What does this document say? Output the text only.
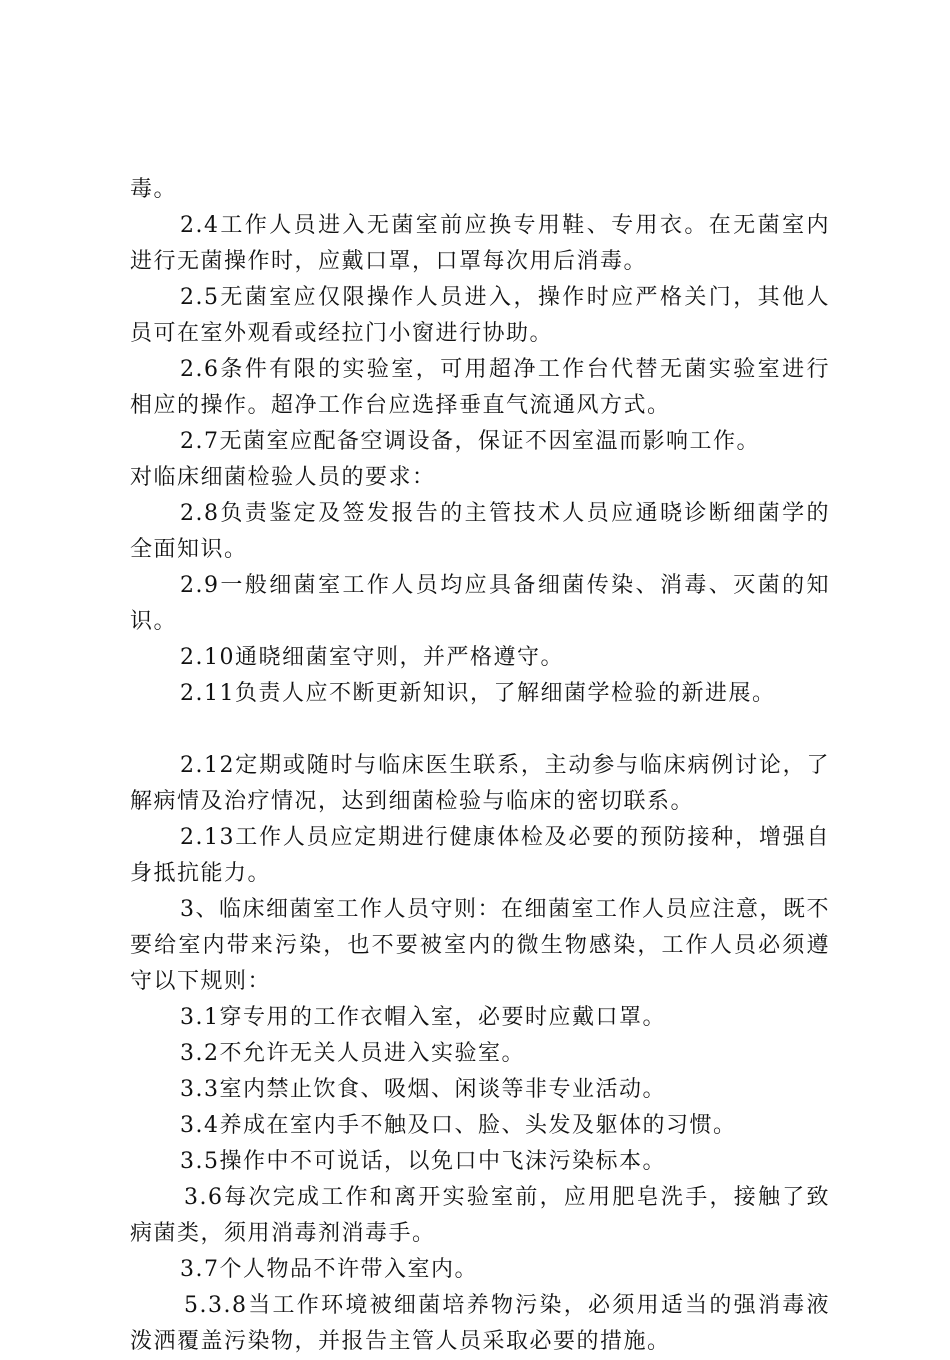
毒。

2.4工作人员进入无菌室前应换专用鞋、专用衣。在无菌室内进行无菌操作时，应戴口罩，口罩每次用后消毒。

2.5无菌室应仅限操作人员进入，操作时应严格关门，其他人员可在室外观看或经拉门小窗进行协助。

2.6条件有限的实验室，可用超净工作台代替无菌实验室进行相应的操作。超净工作台应选择垂直气流通风方式。

2.7无菌室应配备空调设备，保证不因室温而影响工作。

对临床细菌检验人员的要求：

2.8负责鉴定及签发报告的主管技术人员应通晓诊断细菌学的全面知识。

2.9一般细菌室工作人员均应具备细菌传染、消毒、灭菌的知识。

2.10通晓细菌室守则，并严格遵守。

2.11负责人应不断更新知识，了解细菌学检验的新进展。

2.12定期或随时与临床医生联系，主动参与临床病例讨论，了解病情及治疗情况，达到细菌检验与临床的密切联系。

2.13工作人员应定期进行健康体检及必要的预防接种，增强自身抵抗能力。

3、临床细菌室工作人员守则：在细菌室工作人员应注意，既不要给室内带来污染，也不要被室内的微生物感染，工作人员必须遵守以下规则：

3.1穿专用的工作衣帽入室，必要时应戴口罩。

3.2不允许无关人员进入实验室。

3.3室内禁止饮食、吸烟、闲谈等非专业活动。

3.4养成在室内手不触及口、脸、头发及躯体的习惯。

3.5操作中不可说话，以免口中飞沫污染标本。

3.6每次完成工作和离开实验室前，应用肥皂洗手，接触了致病菌类，须用消毒剂消毒手。

3.7个人物品不许带入室内。

5.3.8当工作环境被细菌培养物污染，必须用适当的强消毒液泼洒覆盖污染物，并报告主管人员采取必要的措施。
